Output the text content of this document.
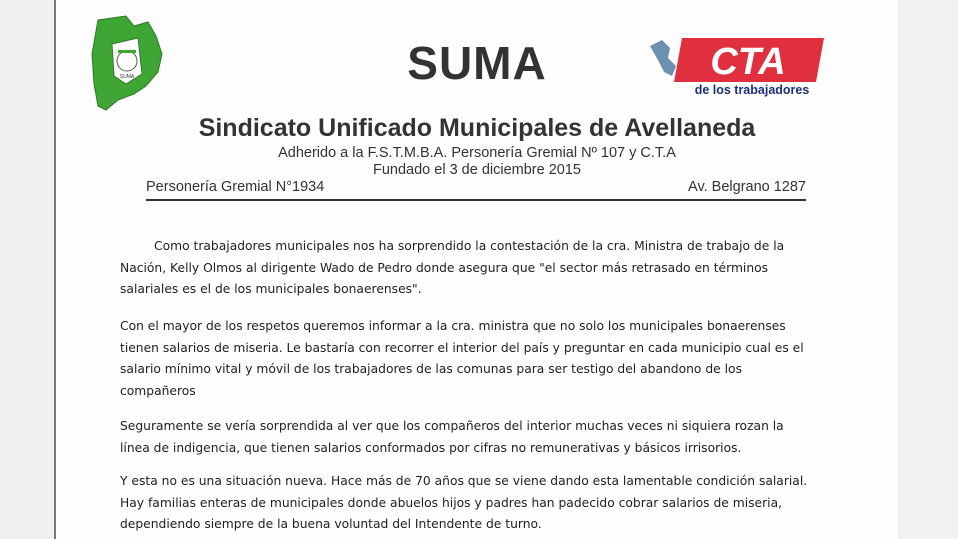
SUMA	SUMA	CTA
de los trabajadores
Sindicato Unificado Municipales de Avellaneda
Adherido a la F.S.T.M.B.A. Personería Gremial Nº 107 y C.T.A
Fundado el 3 de diciembre 2015
Personería Gremial N°1934	Av. Belgrano 1287

Como trabajadores municipales nos ha sorprendido la contestación de la cra. Ministra de trabajo de la Nación, Kelly Olmos al dirigente Wado de Pedro donde asegura que "el sector más retrasado en términos salariales es el de los municipales bonaerenses".

Con el mayor de los respetos queremos informar a la cra. ministra que no solo los municipales bonaerenses tienen salarios de miseria. Le bastaría con recorrer el interior del país y preguntar en cada municipio cual es el salario mínimo vital y móvil de los trabajadores de las comunas para ser testigo del abandono de los compañeros

Seguramente se vería sorprendida al ver que los compañeros del interior muchas veces ni siquiera rozan la línea de indigencia, que tienen salarios conformados por cifras no remunerativas y básicos irrisorios.

Y esta no es una situación nueva. Hace más de 70 años que se viene dando esta lamentable condición salarial. Hay familias enteras de municipales donde abuelos hijos y padres han padecido cobrar salarios de miseria, dependiendo siempre de la buena voluntad del Intendente de turno.
